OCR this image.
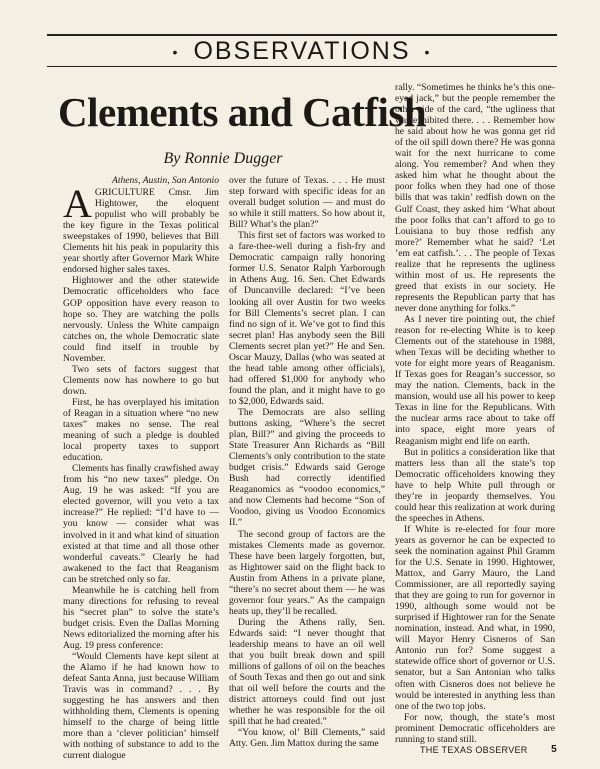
• OBSERVATIONS •
Clements and Catfish
By Ronnie Dugger
Athens, Austin, San Antonio

AGRICULTURE Cmsr. Jim Hightower, the eloquent populist who will probably be the key figure in the Texas political sweepstakes of 1990, believes that Bill Clements hit his peak in popularity this year shortly after Governor Mark White endorsed higher sales taxes.

Hightower and the other statewide Democratic officeholders who face GOP opposition have every reason to hope so. They are watching the polls nervously. Unless the White campaign catches on, the whole Democratic slate could find itself in trouble by November.

Two sets of factors suggest that Clements now has nowhere to go but down.

First, he has overplayed his imitation of Reagan in a situation where “no new taxes” makes no sense. The real meaning of such a pledge is doubled local property taxes to support education.

Clements has finally crawfished away from his “no new taxes” pledge. On Aug. 19 he was asked: “If you are elected governor, will you veto a tax increase?” He replied: “I’d have to — you know — consider what was involved in it and what kind of situation existed at that time and all those other wonderful caveats.” Clearly he had awakened to the fact that Reaganism can be stretched only so far.

Meanwhile he is catching hell from many directions for refusing to reveal his “secret plan” to solve the state’s budget crisis. Even the Dallas Morning News editorialized the morning after his Aug. 19 press conference:

“Would Clements have kept silent at the Alamo if he had known how to defeat Santa Anna, just because William Travis was in command? . . . By suggesting he has answers and then withholding them, Clements is opening himself to the charge of being little more than a ‘clever politician’ himself with nothing of substance to add to the current dialogue

over the future of Texas. . . . He must step forward with specific ideas for an overall budget solution — and must do so while it still matters. So how about it, Bill? What’s the plan?”

This first set of factors was worked to a fare-thee-well during a fish-fry and Democratic campaign rally honoring former U.S. Senator Ralph Yarborough in Athens Aug. 16. Sen. Chet Edwards of Duncanville declared: “I’ve been looking all over Austin for two weeks for Bill Clements’s secret plan. I can find no sign of it. We’ve got to find this secret plan! Has anybody seen the Bill Clements secret plan yet?” He and Sen. Oscar Mauzy, Dallas (who was seated at the head table among other officials), had offered $1,000 for anybody who found the plan, and it might have to go to $2,000, Edwards said.

The Democrats are also selling buttons asking, “Where’s the secret plan, Bill?” and giving the proceeds to State Treasurer Ann Richards as “Bill Clements’s only contribution to the state budget crisis.” Edwards said Geroge Bush had correctly identified Reaganomics as “voodoo economics,” and now Clements had become “Son of Voodoo, giving us Voodoo Economics II.”

The second group of factors are the mistakes Clements made as governor. These have been largely forgotten, but, as Hightower said on the flight back to Austin from Athens in a private plane, “there’s no secret about them — he was governor four years.” As the campaign heats up, they’ll be recalled.

During the Athens rally, Sen. Edwards said: “I never thought that leadership means to have an oil well that you built break down and spill millions of gallons of oil on the beaches of South Texas and then go out and sink that oil well before the courts and the district attorneys could find out just whether he was responsible for the oil spill that he had created.”

“You know, ol’ Bill Clements,” said Atty. Gen. Jim Mattox during the same

rally. “Sometimes he thinks he’s this one-eyed jack,” but the people remember the other side of the card, “the ugliness that was exhibited there. . . . Remember how he said about how he was gonna get rid of the oil spill down there? He was gonna wait for the next hurricane to come along. You remember? And when they asked him what he thought about the poor folks when they had one of those bills that was takin’ redfish down on the Gulf Coast, they asked him ‘What about the poor folks that can’t afford to go to Louisiana to buy those redfish any more?’ Remember what he said? ‘Let ’em eat catfish.’. . . The people of Texas realize that he represents the ugliness within most of us. He represents the greed that exists in our society. He represents the Republican party that has never done anything for folks.”

As I never tire pointing out, the chief reason for re-electing White is to keep Clements out of the statehouse in 1988, when Texas will be deciding whether to vote for eight more years of Reaganism. If Texas goes for Reagan’s successor, so may the nation. Clements, back in the mansion, would use all his power to keep Texas in line for the Republicans. With the nuclear arms race about to take off into space, eight more years of Reaganism might end life on earth.

But in politics a consideration like that matters less than all the state’s top Democratic officeholders knowing they have to help White pull through or they’re in jeopardy themselves. You could hear this realization at work during the speeches in Athens.

If White is re-elected for four more years as governor he can be expected to seek the nomination against Phil Gramm for the U.S. Senate in 1990. Hightower, Mattox, and Garry Mauro, the Land Commissioner, are all reportedly saying that they are going to run for governor in 1990, although some would not be surprised if Hightower ran for the Senate nomination, instead. And what, in 1990, will Mayor Henry Cisneros of San Antonio run for? Some suggest a statewide office short of governor or U.S. senator, but a San Antonian who talks often with Cisneros does not believe he would be interested in anything less than one of the two top jobs.

For now, though, the state’s most prominent Democratic officeholders are running to stand still.

THE TEXAS OBSERVER 5
